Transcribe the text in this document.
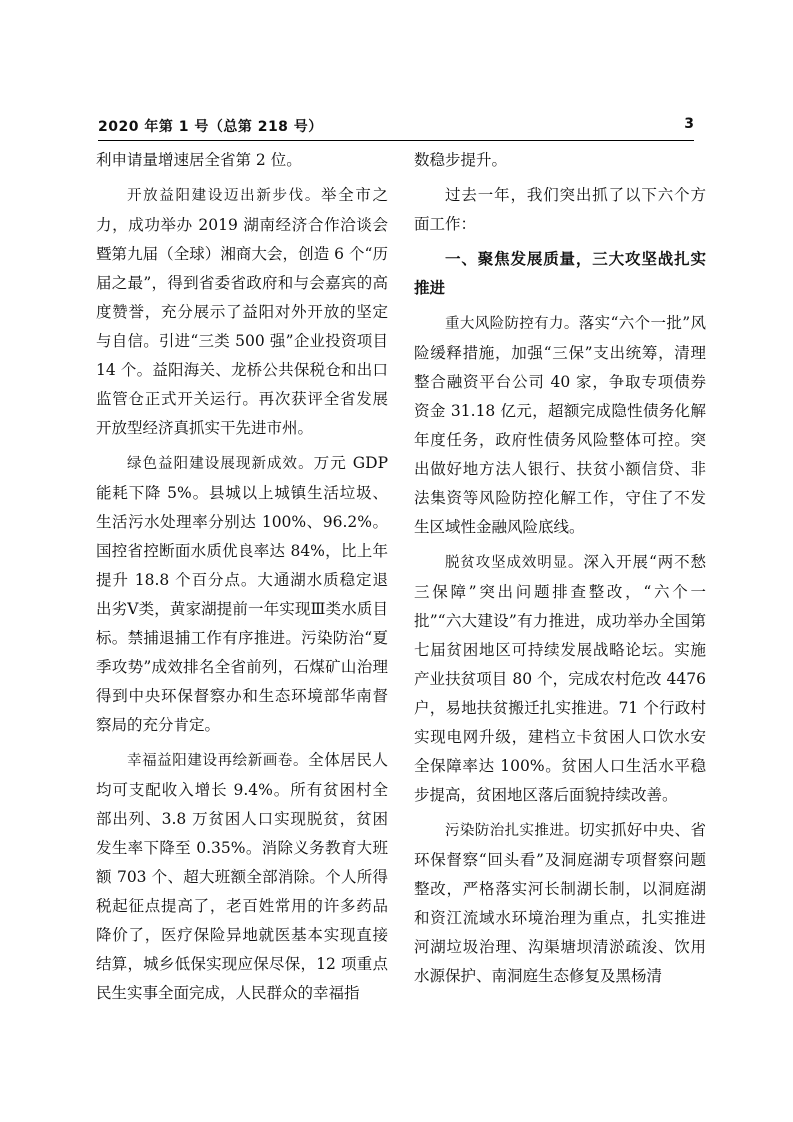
2020 年第 1 号（总第 218 号）	3

利申请量增速居全省第 2 位。

开放益阳建设迈出新步伐。举全市之力，成功举办 2019 湖南经济合作洽谈会暨第九届（全球）湘商大会，创造 6 个“历届之最”，得到省委省政府和与会嘉宾的高度赞誉，充分展示了益阳对外开放的坚定与自信。引进“三类 500 强”企业投资项目 14 个。益阳海关、龙桥公共保税仓和出口监管仓正式开关运行。再次获评全省发展开放型经济真抓实干先进市州。

绿色益阳建设展现新成效。万元 GDP 能耗下降 5%。县城以上城镇生活垃圾、生活污水处理率分别达 100%、96.2%。国控省控断面水质优良率达 84%，比上年提升 18.8 个百分点。大通湖水质稳定退出劣Ⅴ类，黄家湖提前一年实现Ⅲ类水质目标。禁捕退捕工作有序推进。污染防治“夏季攻势”成效排名全省前列，石煤矿山治理得到中央环保督察办和生态环境部华南督察局的充分肯定。

幸福益阳建设再绘新画卷。全体居民人均可支配收入增长 9.4%。所有贫困村全部出列、3.8 万贫困人口实现脱贫，贫困发生率下降至 0.35%。消除义务教育大班额 703 个、超大班额全部消除。个人所得税起征点提高了，老百姓常用的许多药品降价了，医疗保险异地就医基本实现直接结算，城乡低保实现应保尽保，12 项重点民生实事全面完成，人民群众的幸福指

数稳步提升。

过去一年，我们突出抓了以下六个方面工作：

一、聚焦发展质量，三大攻坚战扎实推进

重大风险防控有力。落实“六个一批”风险缓释措施，加强“三保”支出统筹，清理整合融资平台公司 40 家，争取专项债券资金 31.18 亿元，超额完成隐性债务化解年度任务，政府性债务风险整体可控。突出做好地方法人银行、扶贫小额信贷、非法集资等风险防控化解工作，守住了不发生区域性金融风险底线。

脱贫攻坚成效明显。深入开展“两不愁三保障”突出问题排查整改，“六个一批”“六大建设”有力推进，成功举办全国第七届贫困地区可持续发展战略论坛。实施产业扶贫项目 80 个，完成农村危改 4476 户，易地扶贫搬迁扎实推进。71 个行政村实现电网升级，建档立卡贫困人口饮水安全保障率达 100%。贫困人口生活水平稳步提高，贫困地区落后面貌持续改善。

污染防治扎实推进。切实抓好中央、省环保督察“回头看”及洞庭湖专项督察问题整改，严格落实河长制湖长制，以洞庭湖和资江流域水环境治理为重点，扎实推进河湖垃圾治理、沟渠塘坝清淤疏浚、饮用水源保护、南洞庭生态修复及黑杨清
